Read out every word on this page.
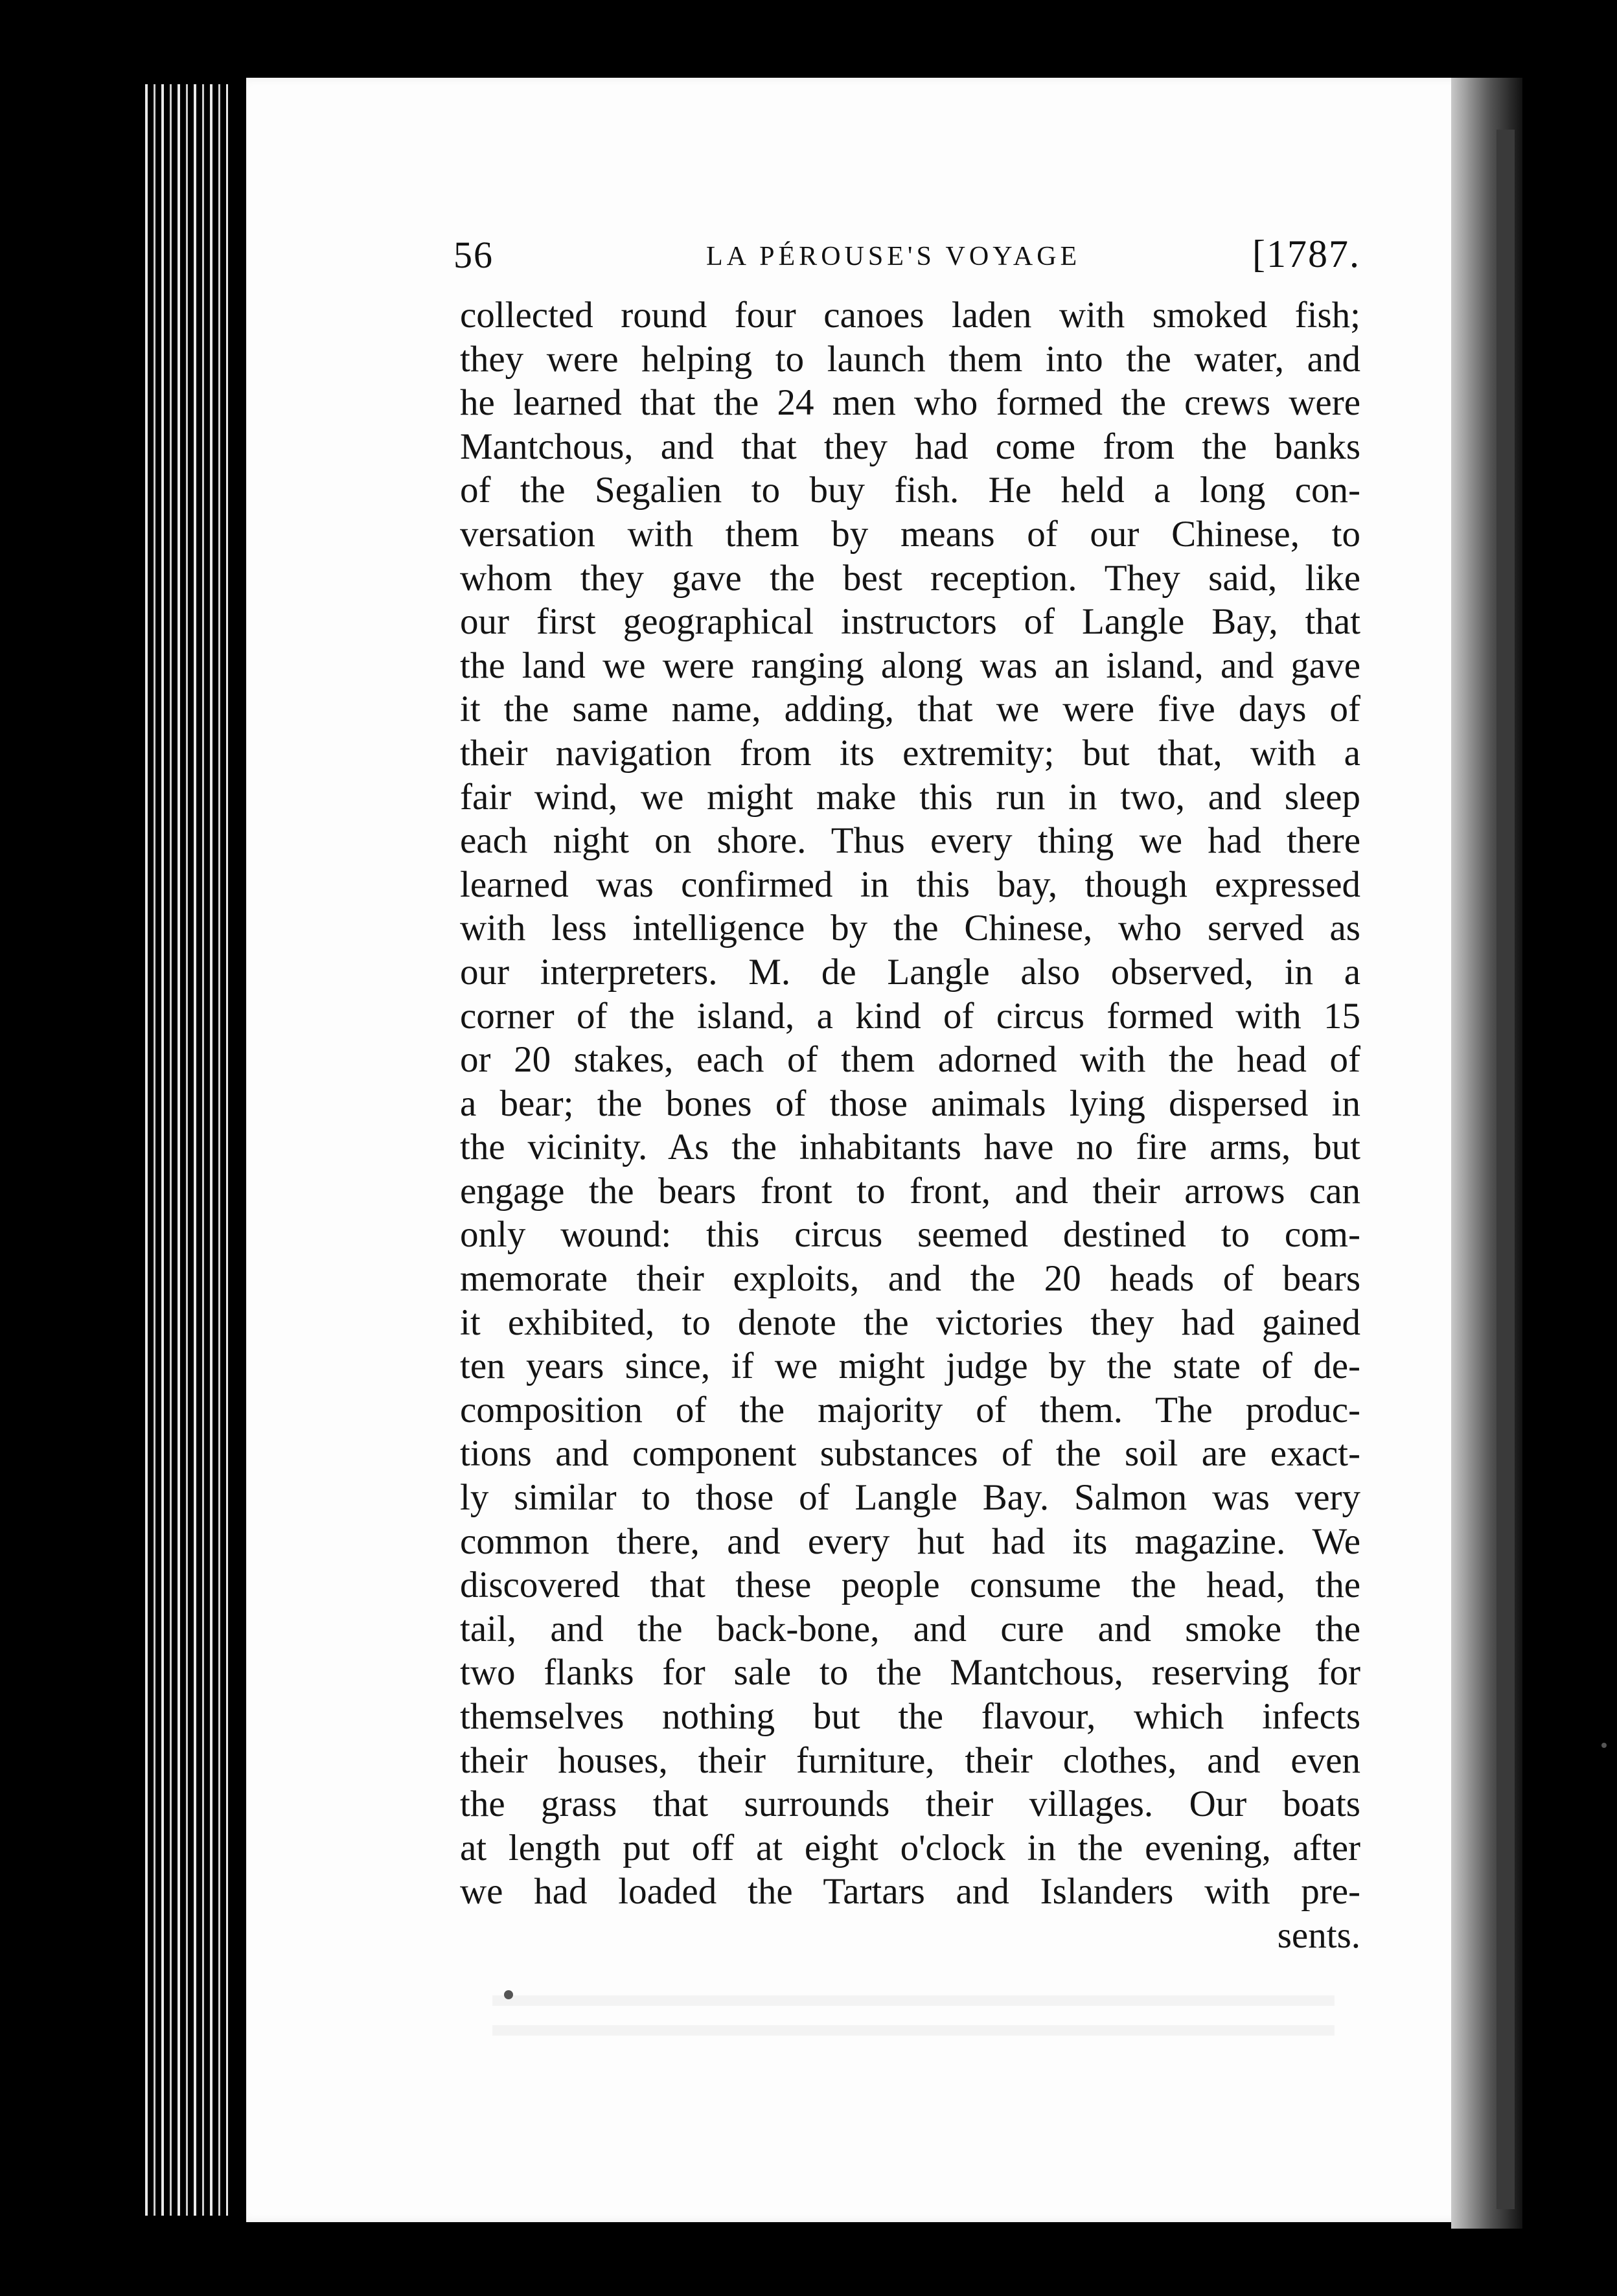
56	LA PÉROUSE'S VOYAGE	[1787.
collected round four canoes laden with smoked fish;
they were helping to launch them into the water, and
he learned that the 24 men who formed the crews were
Mantchous, and that they had come from the banks
of the Segalien to buy fish. He held a long con-
versation with them by means of our Chinese, to
whom they gave the best reception. They said, like
our first geographical instructors of Langle Bay, that
the land we were ranging along was an island, and gave
it the same name, adding, that we were five days of
their navigation from its extremity; but that, with a
fair wind, we might make this run in two, and sleep
each night on shore. Thus every thing we had there
learned was confirmed in this bay, though expressed
with less intelligence by the Chinese, who served as
our interpreters. M. de Langle also observed, in a
corner of the island, a kind of circus formed with 15
or 20 stakes, each of them adorned with the head of
a bear; the bones of those animals lying dispersed in
the vicinity. As the inhabitants have no fire arms, but
engage the bears front to front, and their arrows can
only wound: this circus seemed destined to com-
memorate their exploits, and the 20 heads of bears
it exhibited, to denote the victories they had gained
ten years since, if we might judge by the state of de-
composition of the majority of them. The produc-
tions and component substances of the soil are exact-
ly similar to those of Langle Bay. Salmon was very
common there, and every hut had its magazine. We
discovered that these people consume the head, the
tail, and the back-bone, and cure and smoke the
two flanks for sale to the Mantchous, reserving for
themselves nothing but the flavour, which infects
their houses, their furniture, their clothes, and even
the grass that surrounds their villages. Our boats
at length put off at eight o'clock in the evening, after
we had loaded the Tartars and Islanders with pre-
sents.
